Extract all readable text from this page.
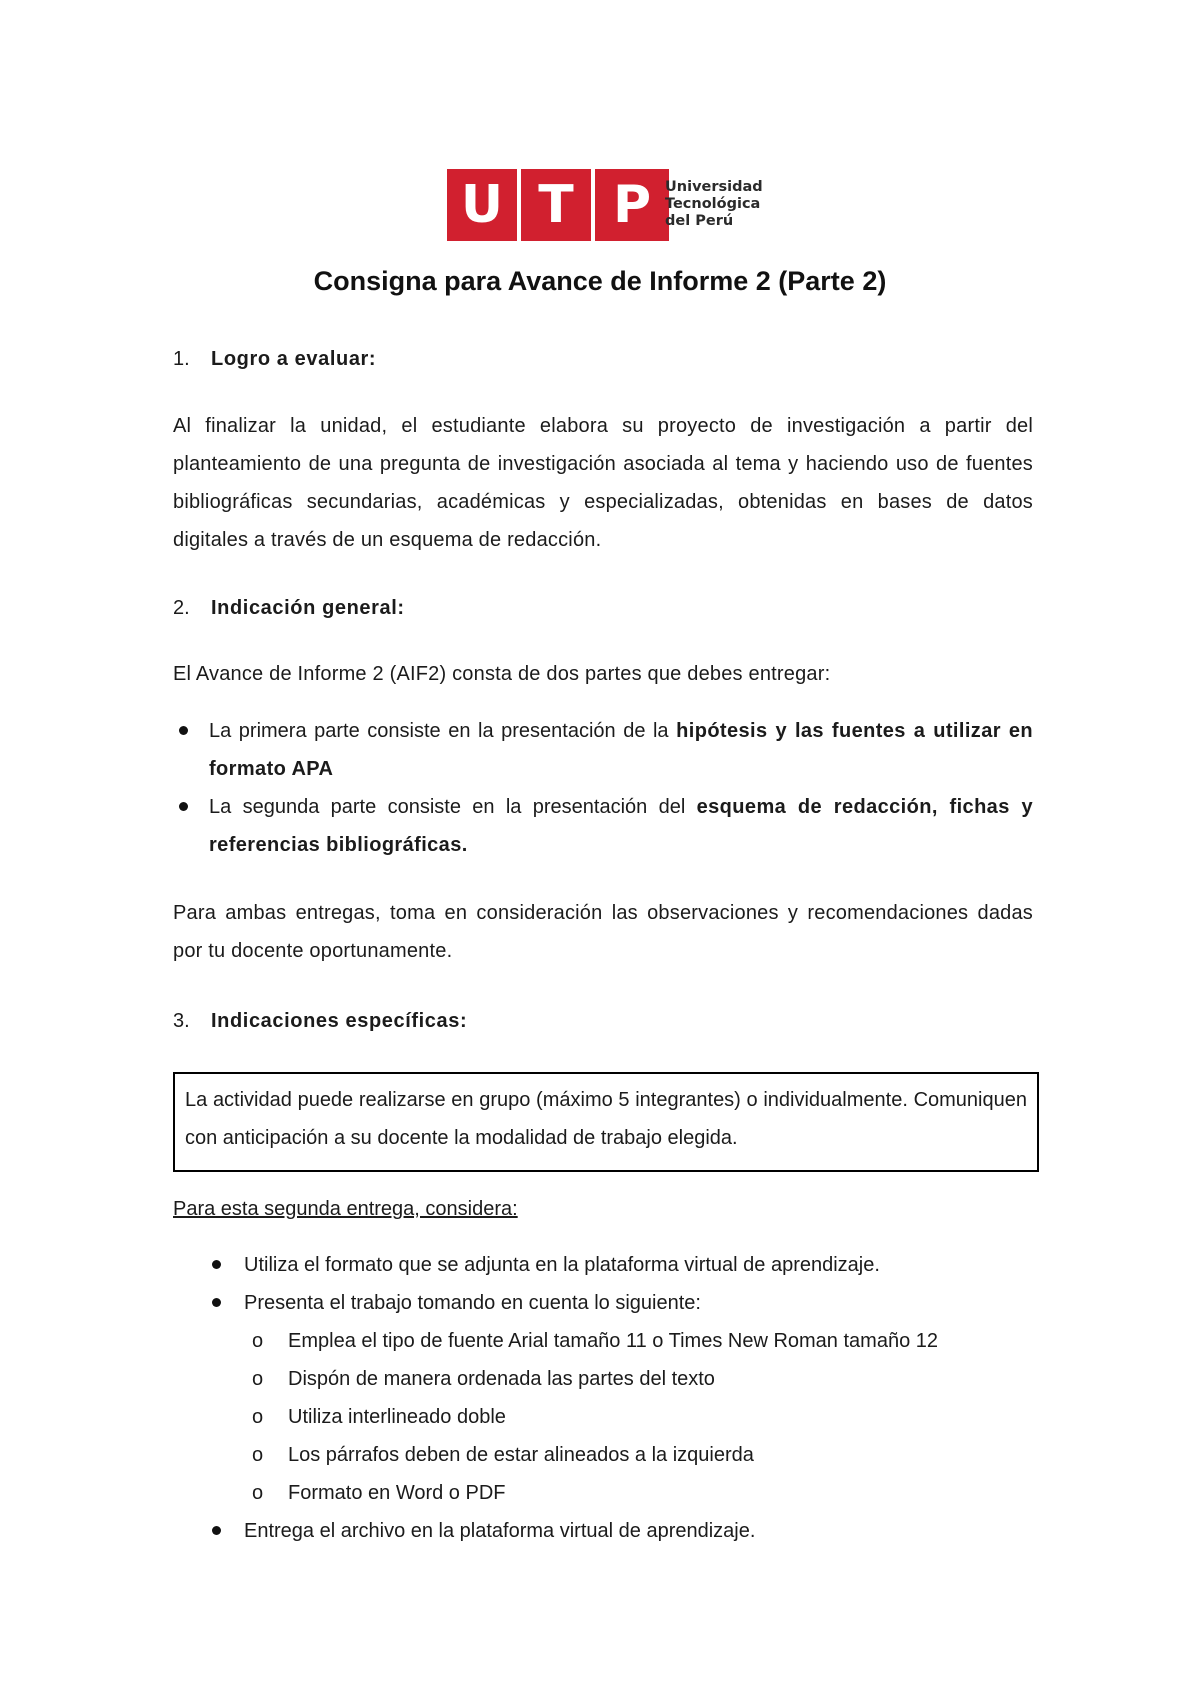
U T P Universidad
Tecnológica
del Perú
Consigna para Avance de Informe 2 (Parte 2)
1. Logro a evaluar:
Al finalizar la unidad, el estudiante elabora su proyecto de investigación a partir del planteamiento de una pregunta de investigación asociada al tema y haciendo uso de fuentes bibliográficas secundarias, académicas y especializadas, obtenidas en bases de datos digitales a través de un esquema de redacción.
2. Indicación general:
El Avance de Informe 2 (AIF2) consta de dos partes que debes entregar:
La primera parte consiste en la presentación de la hipótesis y las fuentes a utilizar en formato APA
La segunda parte consiste en la presentación del esquema de redacción, fichas y referencias bibliográficas.
Para ambas entregas, toma en consideración las observaciones y recomendaciones dadas por tu docente oportunamente.
3. Indicaciones específicas:
La actividad puede realizarse en grupo (máximo 5 integrantes) o individualmente. Comuniquen con anticipación a su docente la modalidad de trabajo elegida.
Para esta segunda entrega, considera:
Utiliza el formato que se adjunta en la plataforma virtual de aprendizaje.
Presenta el trabajo tomando en cuenta lo siguiente:
o Emplea el tipo de fuente Arial tamaño 11 o Times New Roman tamaño 12
o Dispón de manera ordenada las partes del texto
o Utiliza interlineado doble
o Los párrafos deben de estar alineados a la izquierda
o Formato en Word o PDF
Entrega el archivo en la plataforma virtual de aprendizaje.
